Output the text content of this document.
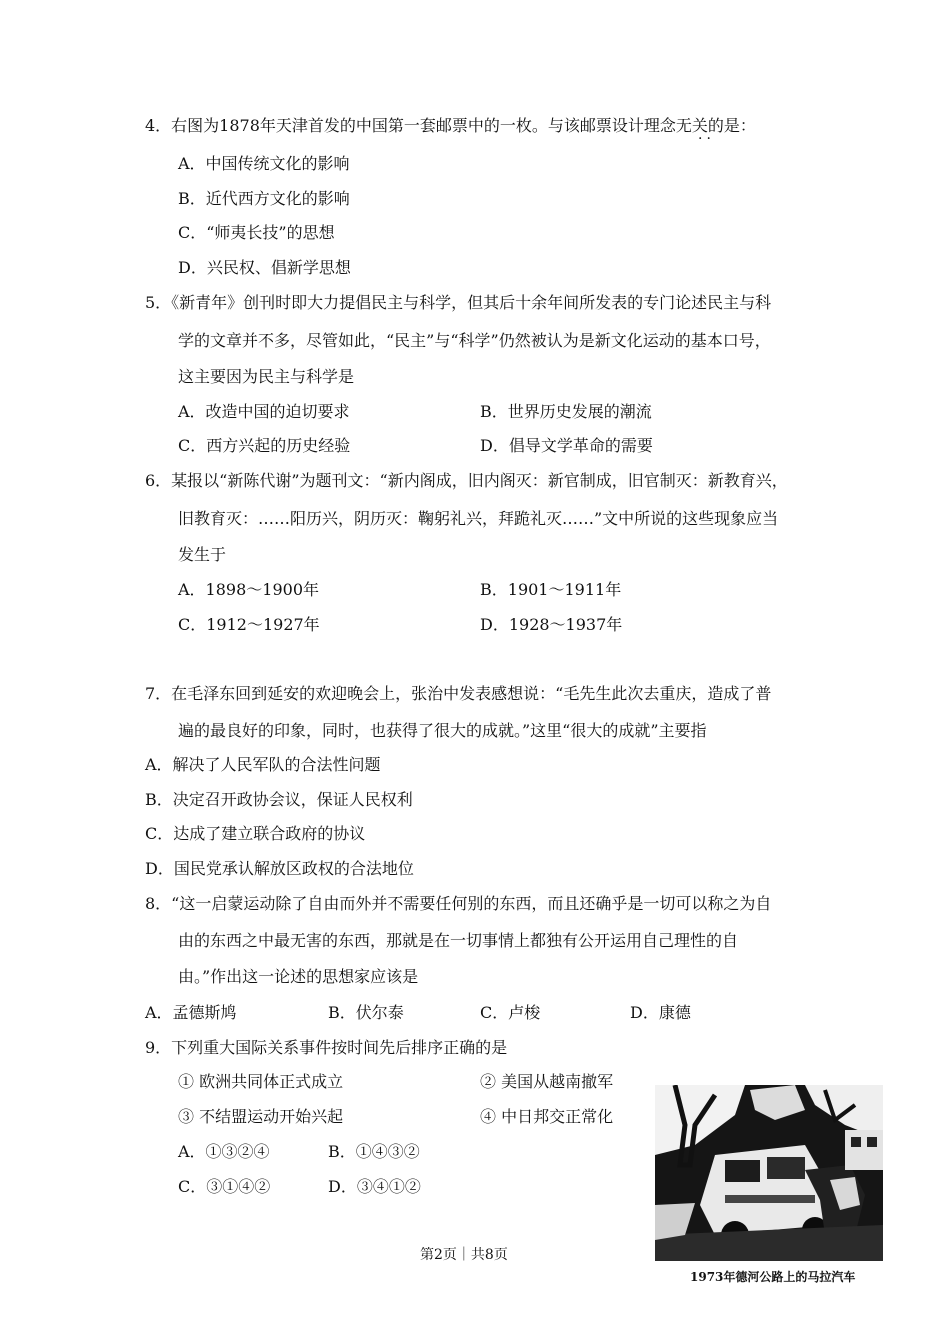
4．右图为1878年天津首发的中国第一套邮票中的一枚。与该邮票设计理念无关的是：
··
A．中国传统文化的影响
B．近代西方文化的影响
C．“师夷长技”的思想
D．兴民权、倡新学思想
5．《新青年》创刊时即大力提倡民主与科学，但其后十余年间所发表的专门论述民主与科
学的文章并不多，尽管如此，“民主”与“科学”仍然被认为是新文化运动的基本口号，
这主要因为民主与科学是
A．改造中国的迫切要求	B．世界历史发展的潮流
C．西方兴起的历史经验	D．倡导文学革命的需要
6．某报以“新陈代谢”为题刊文：“新内阁成，旧内阁灭：新官制成，旧官制灭：新教育兴，
旧教育灭：……阳历兴，阴历灭：鞠躬礼兴，拜跪礼灭……”文中所说的这些现象应当
发生于
A．1898～1900年	B．1901～1911年
C．1912～1927年	D．1928～1937年
7．在毛泽东回到延安的欢迎晚会上，张治中发表感想说：“毛先生此次去重庆，造成了普
遍的最良好的印象，同时，也获得了很大的成就。”这里“很大的成就”主要指
A．解决了人民军队的合法性问题
B．决定召开政协会议，保证人民权利
C．达成了建立联合政府的协议
D．国民党承认解放区政权的合法地位
8．“这一启蒙运动除了自由而外并不需要任何别的东西，而且还确乎是一切可以称之为自
由的东西之中最无害的东西，那就是在一切事情上都独有公开运用自己理性的自
由。”作出这一论述的思想家应该是
A．孟德斯鸠	B．伏尔泰	C．卢梭	D．康德
9．下列重大国际关系事件按时间先后排序正确的是
① 欧洲共同体正式成立	② 美国从越南撤军
③ 不结盟运动开始兴起	④ 中日邦交正常化
A．①③②④	B．①④③②
C．③①④②	D．③④①②
1973年德河公路上的马拉汽车
第2页｜共8页
